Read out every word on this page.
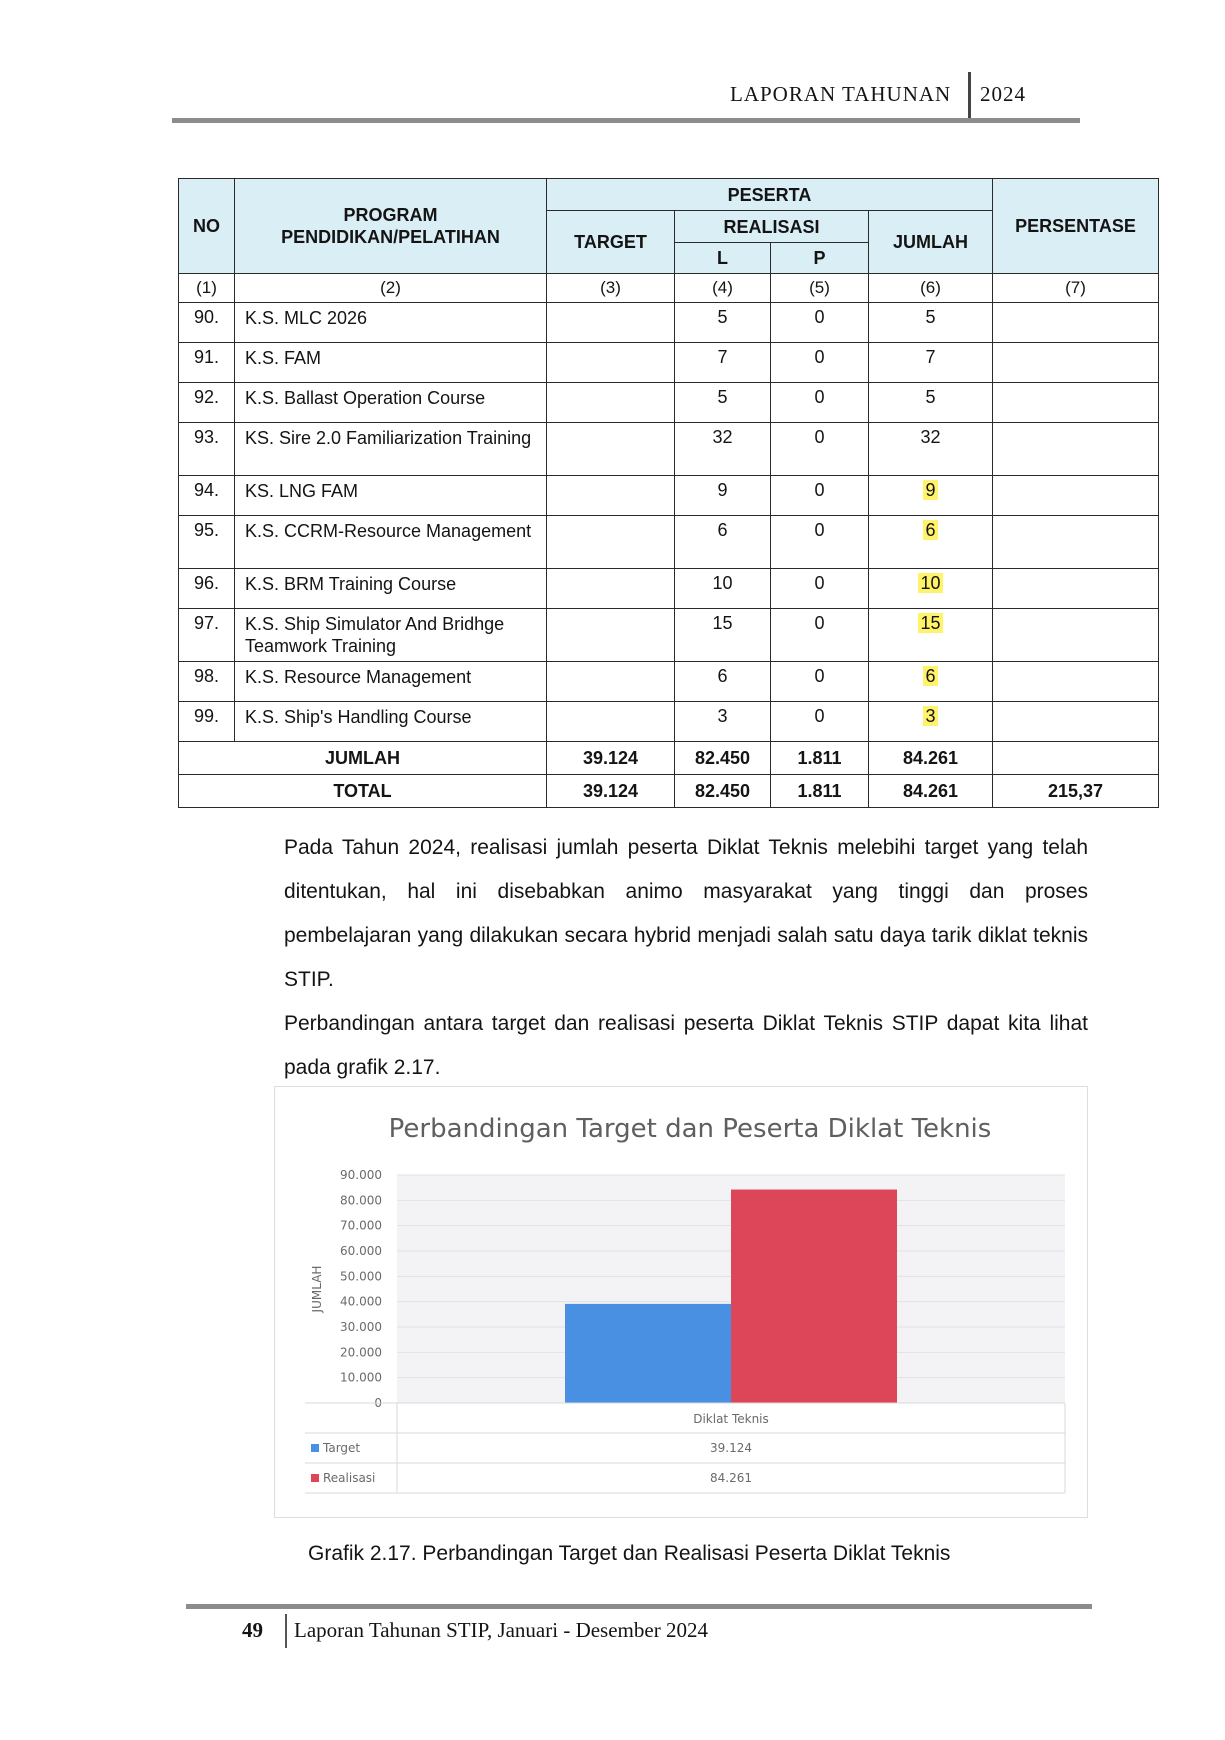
LAPORAN TAHUNAN 2024
NO	PROGRAM PENDIDIKAN/PELATIHAN	PESERTA				PERSENTASE
		TARGET	REALISASI		JUMLAH	
			L	P		
(1)	(2)	(3)	(4)	(5)	(6)	(7)
90.	K.S. MLC 2026		5	0	5	
91.	K.S. FAM		7	0	7	
92.	K.S. Ballast Operation Course		5	0	5	
93.	KS. Sire 2.0 Familiarization Training		32	0	32	
94.	KS. LNG FAM		9	0	9	
95.	K.S. CCRM-Resource Management		6	0	6	
96.	K.S. BRM Training Course		10	0	10	
97.	K.S. Ship Simulator And Bridhge Teamwork Training		15	0	15	
98.	K.S. Resource Management		6	0	6	
99.	K.S. Ship's Handling Course		3	0	3	
JUMLAH		39.124	82.450	1.811	84.261	
TOTAL		39.124	82.450	1.811	84.261	215,37
Pada Tahun 2024, realisasi jumlah peserta Diklat Teknis melebihi target yang telah ditentukan, hal ini disebabkan animo masyarakat yang tinggi dan proses pembelajaran yang dilakukan secara hybrid menjadi salah satu daya tarik diklat teknis STIP.
Perbandingan antara target dan realisasi peserta Diklat Teknis STIP dapat kita lihat pada grafik 2.17.
Perbandingan Target dan Peserta Diklat Teknis
0
10.000
20.000
30.000
40.000
50.000
60.000
70.000
80.000
90.000
JUMLAH
Diklat Teknis
Target	39.124
Realisasi	84.261
Grafik 2.17. Perbandingan Target dan Realisasi Peserta Diklat Teknis
49 Laporan Tahunan STIP, Januari - Desember 2024
